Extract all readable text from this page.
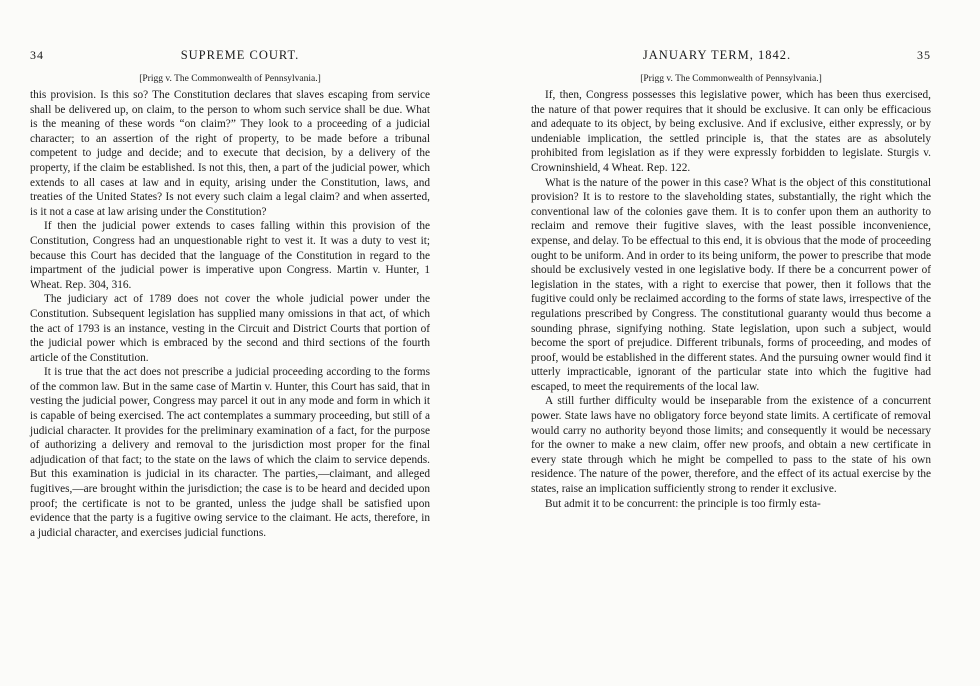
34	SUPREME COURT.
[Prigg v. The Commonwealth of Pennsylvania.]

this provision. Is this so? The Constitution declares that slaves escaping from service shall be delivered up, on claim, to the person to whom such service shall be due. What is the meaning of these words “on claim?” They look to a proceeding of a judicial character; to an assertion of the right of property, to be made before a tribunal competent to judge and decide; and to execute that decision, by a delivery of the property, if the claim be established. Is not this, then, a part of the judicial power, which extends to all cases at law and in equity, arising under the Constitution, laws, and treaties of the United States? Is not every such claim a legal claim? and when asserted, is it not a case at law arising under the Constitution?

If then the judicial power extends to cases falling within this provision of the Constitution, Congress had an unquestionable right to vest it. It was a duty to vest it; because this Court has decided that the language of the Constitution in regard to the impartment of the judicial power is imperative upon Congress. Martin v. Hunter, 1 Wheat. Rep. 304, 316.

The judiciary act of 1789 does not cover the whole judicial power under the Constitution. Subsequent legislation has supplied many omissions in that act, of which the act of 1793 is an instance, vesting in the Circuit and District Courts that portion of the judicial power which is embraced by the second and third sections of the fourth article of the Constitution.

It is true that the act does not prescribe a judicial proceeding according to the forms of the common law. But in the same case of Martin v. Hunter, this Court has said, that in vesting the judicial power, Congress may parcel it out in any mode and form in which it is capable of being exercised. The act contemplates a summary proceeding, but still of a judicial character. It provides for the preliminary examination of a fact, for the purpose of authorizing a delivery and removal to the jurisdiction most proper for the final adjudication of that fact; to the state on the laws of which the claim to service depends. But this examination is judicial in its character. The parties,—claimant, and alleged fugitives,—are brought within the jurisdiction; the case is to be heard and decided upon proof; the certificate is not to be granted, unless the judge shall be satisfied upon evidence that the party is a fugitive owing service to the claimant. He acts, therefore, in a judicial character, and exercises judicial functions.

JANUARY TERM, 1842.	35
[Prigg v. The Commonwealth of Pennsylvania.]

If, then, Congress possesses this legislative power, which has been thus exercised, the nature of that power requires that it should be exclusive. It can only be efficacious and adequate to its object, by being exclusive. And if exclusive, either expressly, or by undeniable implication, the settled principle is, that the states are as absolutely prohibited from legislation as if they were expressly forbidden to legislate. Sturgis v. Crowninshield, 4 Wheat. Rep. 122.

What is the nature of the power in this case? What is the object of this constitutional provision? It is to restore to the slaveholding states, substantially, the right which the conventional law of the colonies gave them. It is to confer upon them an authority to reclaim and remove their fugitive slaves, with the least possible inconvenience, expense, and delay. To be effectual to this end, it is obvious that the mode of proceeding ought to be uniform. And in order to its being uniform, the power to prescribe that mode should be exclusively vested in one legislative body. If there be a concurrent power of legislation in the states, with a right to exercise that power, then it follows that the fugitive could only be reclaimed according to the forms of state laws, irrespective of the regulations prescribed by Congress. The constitutional guaranty would thus become a sounding phrase, signifying nothing. State legislation, upon such a subject, would become the sport of prejudice. Different tribunals, forms of proceeding, and modes of proof, would be established in the different states. And the pursuing owner would find it utterly impracticable, ignorant of the particular state into which the fugitive had escaped, to meet the requirements of the local law.

A still further difficulty would be inseparable from the existence of a concurrent power. State laws have no obligatory force beyond state limits. A certificate of removal would carry no authority beyond those limits; and consequently it would be necessary for the owner to make a new claim, offer new proofs, and obtain a new certificate in every state through which he might be compelled to pass to the state of his own residence. The nature of the power, therefore, and the effect of its actual exercise by the states, raise an implication sufficiently strong to render it exclusive.

But admit it to be concurrent: the principle is too firmly esta-
